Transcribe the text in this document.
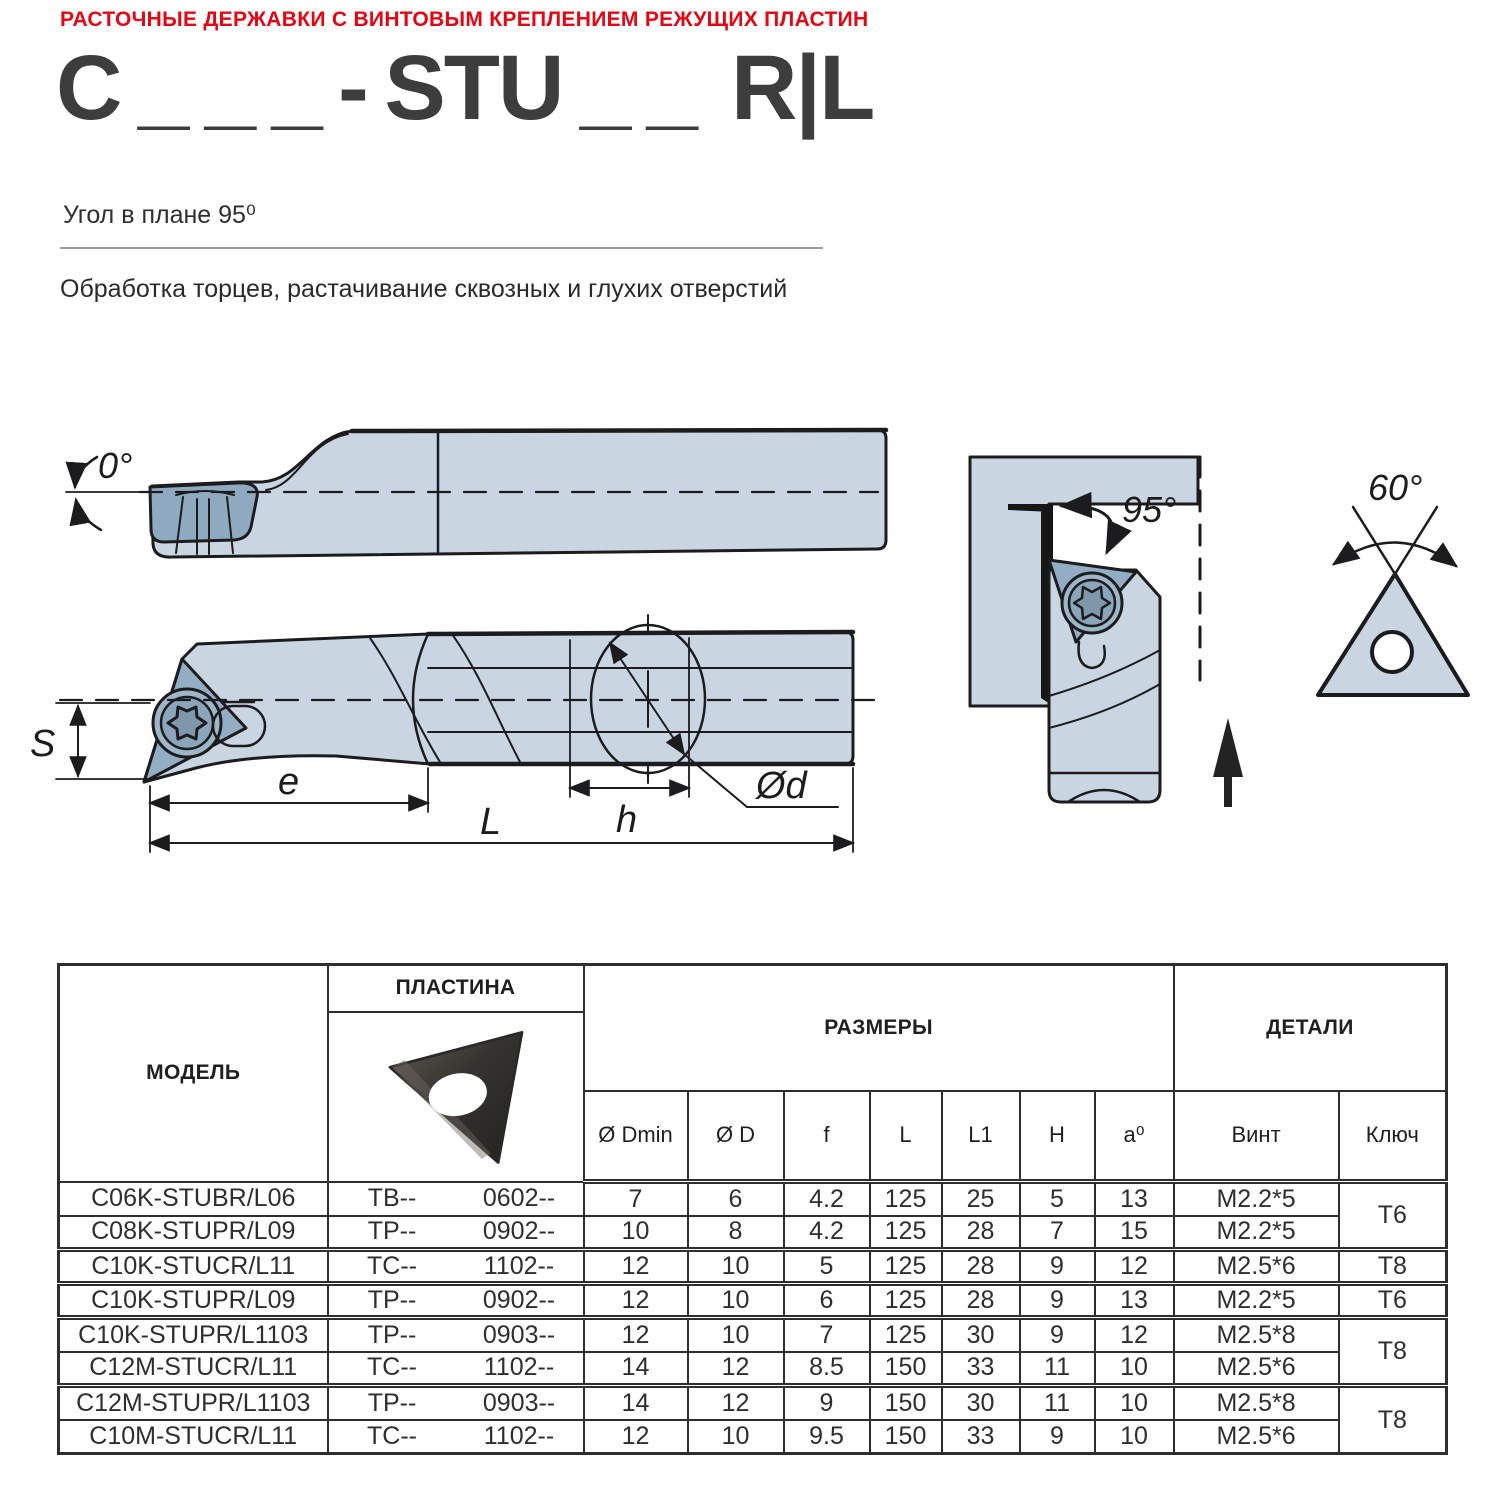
РАСТОЧНЫЕ ДЕРЖАВКИ С ВИНТОВЫМ КРЕПЛЕНИЕМ РЕЖУЩИХ ПЛАСТИН
C _ _ _ - STU _ _  R|L
Угол в плане 95⁰
Обработка торцев, растачивание сквозных и глухих отверстий
0°
Ød
S
e
L	h
95°
60°
МОДЕЛЬ	ПЛАСТИНА	РАЗМЕРЫ							ДЕТАЛИ	

		Ø Dmin	Ø D	f	L	L1	H	a⁰	Винт	Ключ
C06K-STUBR/L06	TB-- 0602--	7	6	4.2	125	25	5	13	M2.2*5	T6
C08K-STUPR/L09	TP-- 0902--	10	8	4.2	125	28	7	15	M2.2*5	
C10K-STUCR/L11	TC-- 1102--	12	10	5	125	28	9	12	M2.5*6	T8
C10K-STUPR/L09	TP-- 0902--	12	10	6	125	28	9	13	M2.2*5	T6
C10K-STUPR/L1103	TP-- 0903--	12	10	7	125	30	9	12	M2.5*8	T8
C12M-STUCR/L11	TC-- 1102--	14	12	8.5	150	33	11	10	M2.5*6	
C12M-STUPR/L1103	TP-- 0903--	14	12	9	150	30	11	10	M2.5*8	T8
C10M-STUCR/L11	TC-- 1102--	12	10	9.5	150	33	9	10	M2.5*6	
